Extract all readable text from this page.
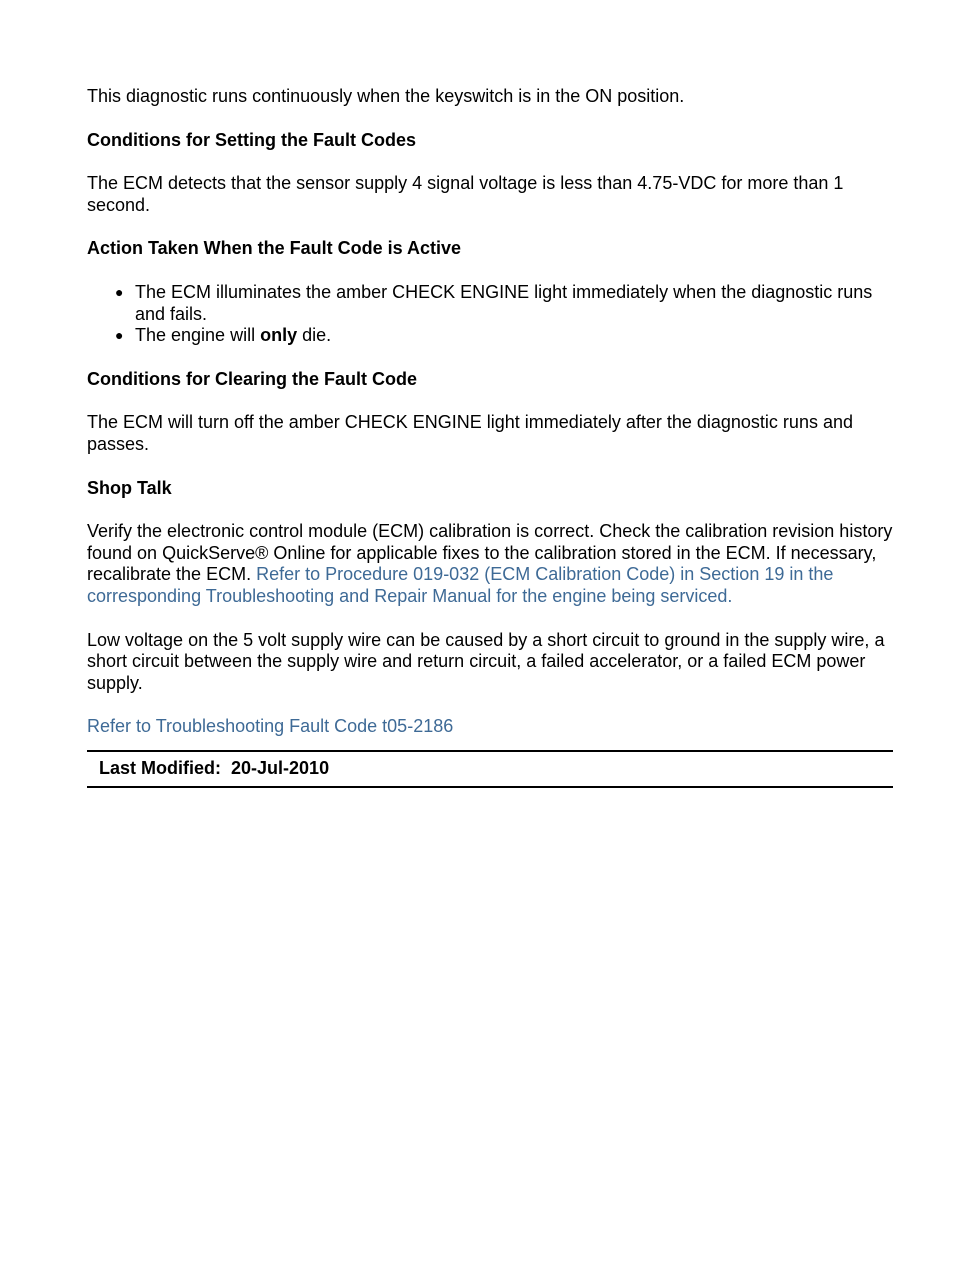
This diagnostic runs continuously when the keyswitch is in the ON position.

Conditions for Setting the Fault Codes

The ECM detects that the sensor supply 4 signal voltage is less than 4.75-VDC for more than 1 second.

Action Taken When the Fault Code is Active
● The ECM illuminates the amber CHECK ENGINE light immediately when the diagnostic runs and fails.
● The engine will only die.
Conditions for Clearing the Fault Code

The ECM will turn off the amber CHECK ENGINE light immediately after the diagnostic runs and passes.

Shop Talk

Verify the electronic control module (ECM) calibration is correct. Check the calibration revision history found on QuickServe® Online for applicable fixes to the calibration stored in the ECM. If necessary, recalibrate the ECM. Refer to Procedure 019-032 (ECM Calibration Code) in Section 19 in the corresponding Troubleshooting and Repair Manual for the engine being serviced.

Low voltage on the 5 volt supply wire can be caused by a short circuit to ground in the supply wire, a short circuit between the supply wire and return circuit, a failed accelerator, or a failed ECM power supply.

Refer to Troubleshooting Fault Code t05-2186

Last Modified: 20-Jul-2010
